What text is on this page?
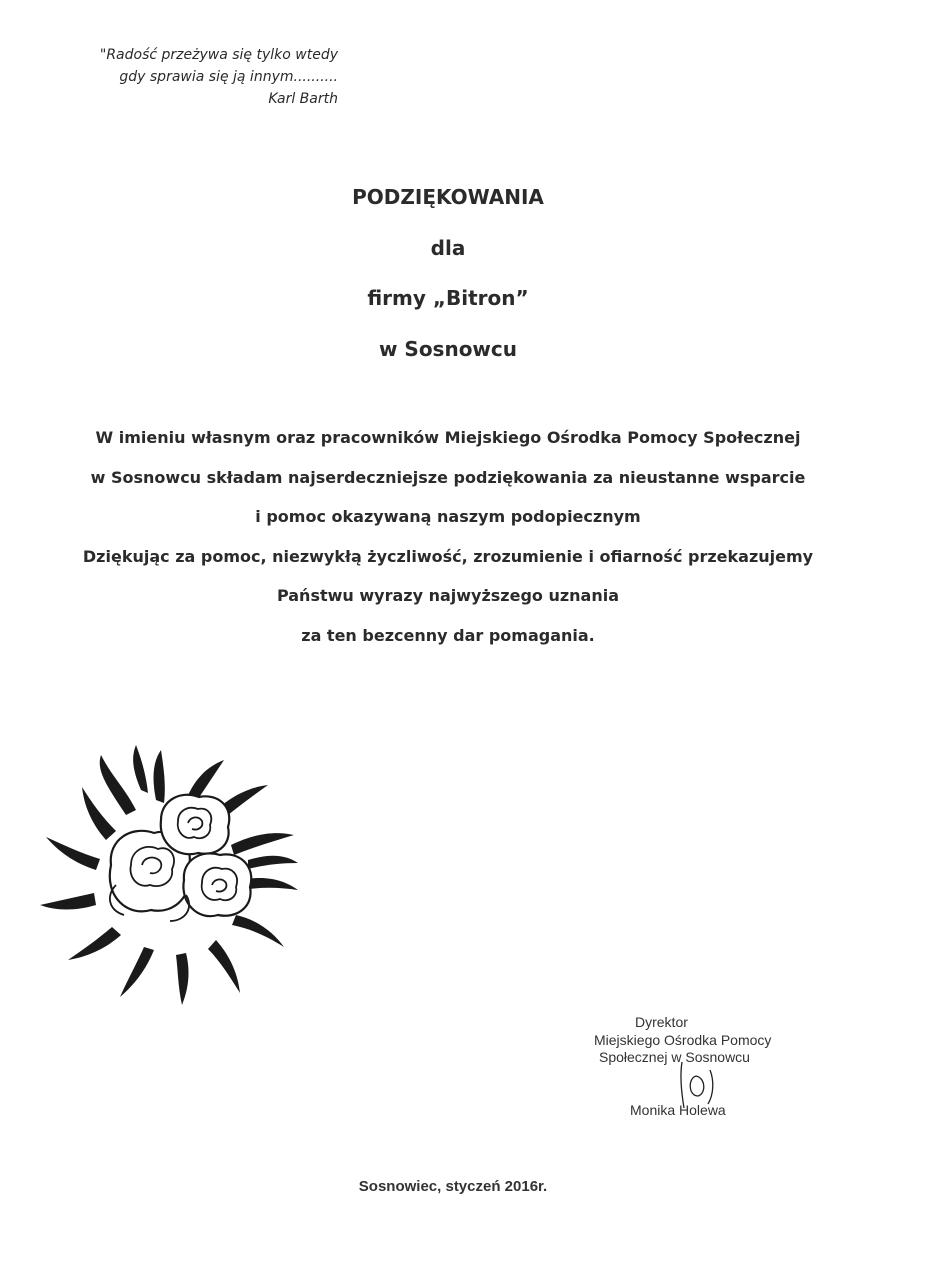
"Radość przeżywa się tylko wtedy
gdy sprawia się ją innym..........
Karl Barth
PODZIĘKOWANIA
dla
firmy „Bitron”
w Sosnowcu
W imieniu własnym oraz pracowników Miejskiego Ośrodka Pomocy Społecznej
w Sosnowcu składam najserdeczniejsze podziękowania za nieustanne wsparcie
i pomoc okazywaną naszym podopiecznym
Dziękując za pomoc, niezwykłą życzliwość, zrozumienie i ofiarność przekazujemy
Państwu wyrazy najwyższego uznania
za ten bezcenny dar pomagania.
Dyrektor
Miejskiego Ośrodka Pomocy
Społecznej w Sosnowcu
Monika Holewa
Sosnowiec, styczeń 2016r.
